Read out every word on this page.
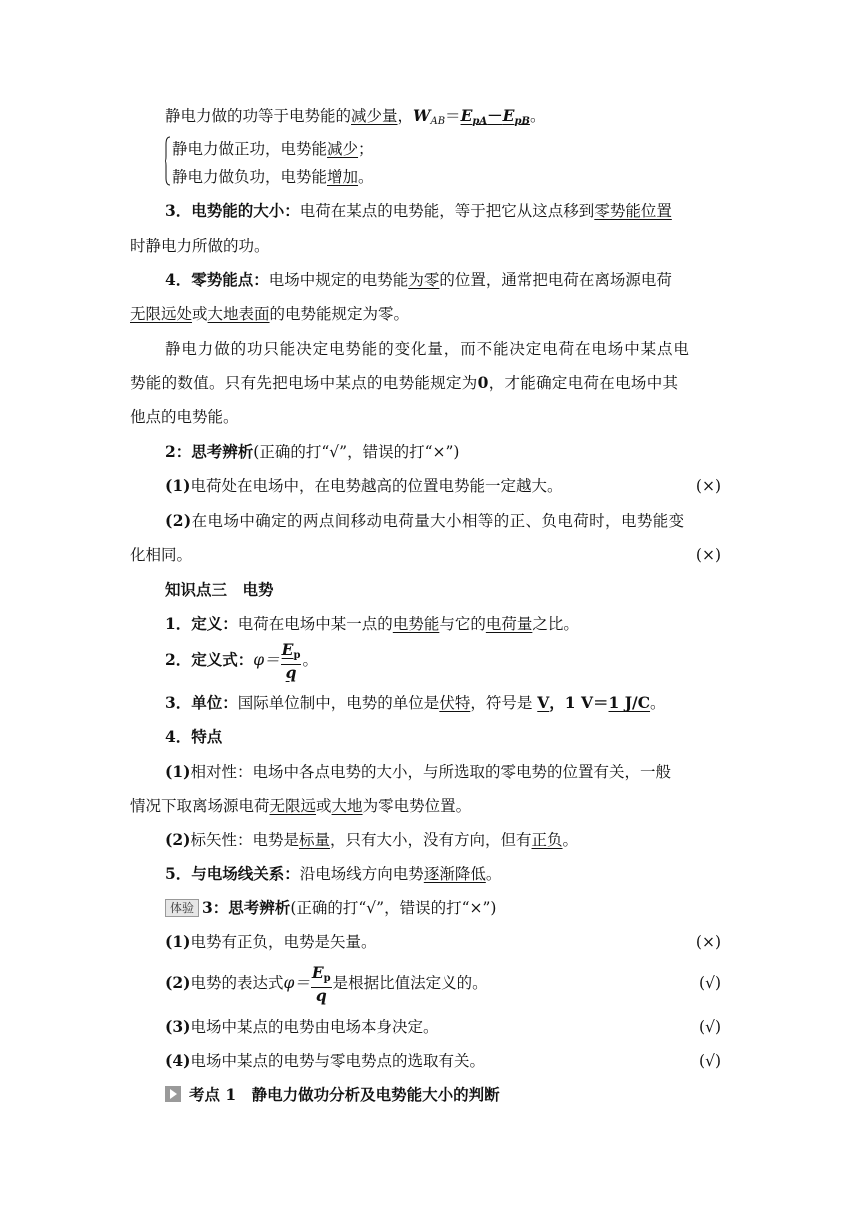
静电力做的功等于电势能的减少量，$W_{AB}=E_{pA}-E_{pB}$。
静电力做正功，电势能减少；
静电力做负功，电势能增加。
3．电势能的大小：电荷在某点的电势能，等于把它从这点移到零势能位置
时静电力所做的功。
4．零势能点：电场中规定的电势能为零的位置，通常把电荷在离场源电荷
无限远处或大地表面的电势能规定为零。
静电力做的功只能决定电势能的变化量，而不能决定电荷在电场中某点电
势能的数值。只有先把电场中某点的电势能规定为0，才能确定电荷在电场中其
他点的电势能。
2：思考辨析(正确的打“√”，错误的打“×”)
(1)电荷处在电场中，在电势越高的位置电势能一定越大。	(×)
(2)在电场中确定的两点间移动电荷量大小相等的正、负电荷时，电势能变
化相同。	(×)
知识点三　电势
1．定义：电荷在电场中某一点的电势能与它的电荷量之比。
2．定义式：$\varphi= \frac{Ep}{q}$ 。
3．单位：国际单位制中，电势的单位是伏特，符号是 V，1 V＝1 J/C。
4．特点
(1)相对性：电场中各点电势的大小，与所选取的零电势的位置有关，一般
情况下取离场源电荷无限远或大地为零电势位置。
(2)标矢性：电势是标量，只有大小，没有方向，但有正负。
5．与电场线关系：沿电场线方向电势逐渐降低。
体验 3：思考辨析(正确的打“√”，错误的打“×”)
(1)电势有正负，电势是矢量。	(×)
(2)电势的表达式$\varphi= \frac{Ep}{q}$ 是根据比值法定义的。	(√)
(3)电场中某点的电势由电场本身决定。	(√)
(4)电场中某点的电势与零电势点的选取有关。	(√)
考点 1　静电力做功分析及电势能大小的判断
